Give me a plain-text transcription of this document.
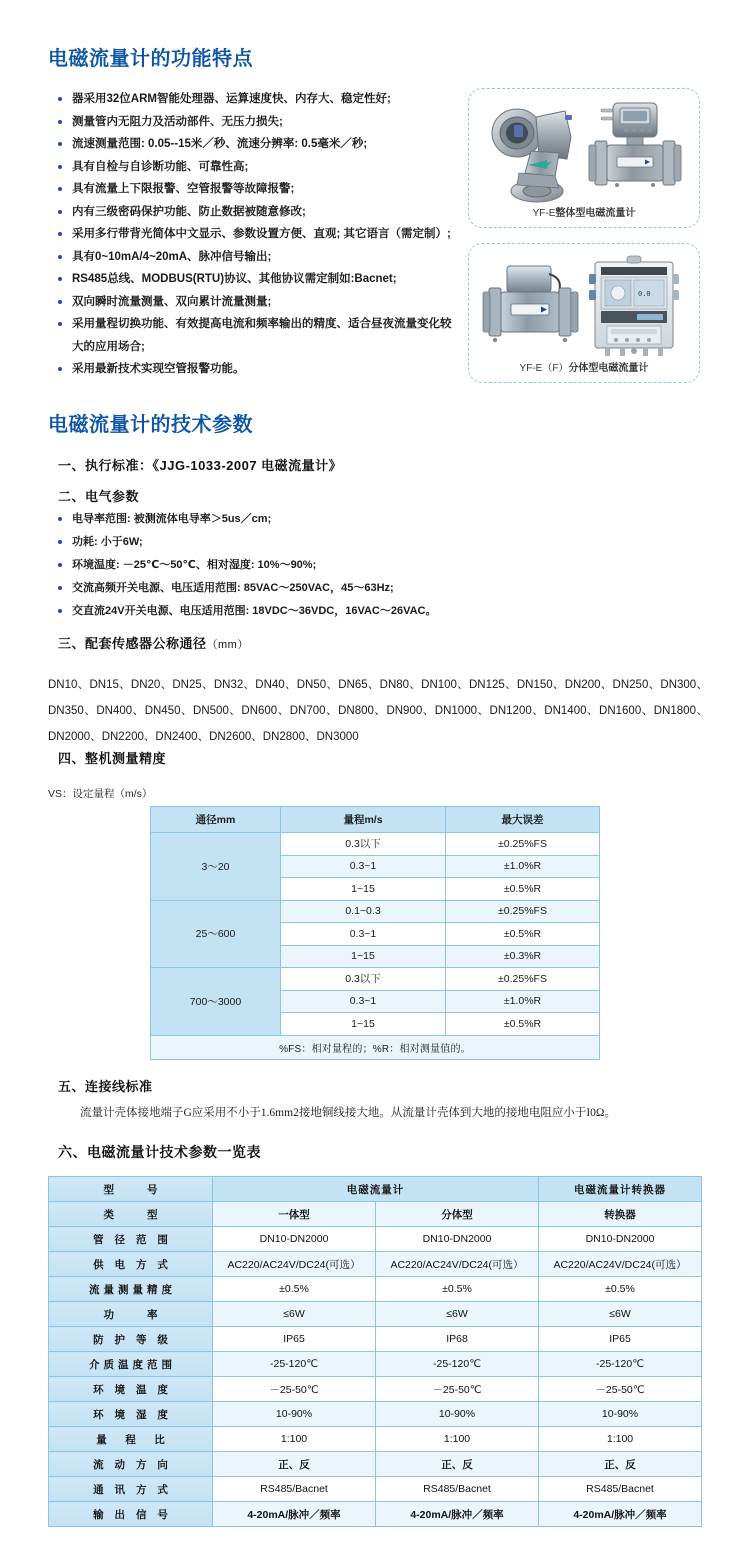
电磁流量计的功能特点
器采用32位ARM智能处理器、运算速度快、内存大、稳定性好;
测量管内无阻力及活动部件、无压力损失;
流速测量范围: 0.05--15米／秒、流速分辨率: 0.5毫米／秒;
具有自检与自诊断功能、可靠性高;
具有流量上下限报警、空管报警等故障报警;
内有三级密码保护功能、防止数据被随意修改;
采用多行带背光简体中文显示、参数设置方便、直观; 其它语言（需定制）;
具有0~10mA/4~20mA、脉冲信号输出;
RS485总线、MODBUS(RTU)协议、其他协议需定制如:Bacnet;
双向瞬时流量测量、双向累计流量测量;
采用量程切换功能、有效提高电流和频率输出的精度、适合昼夜流量变化较大的应用场合;
采用最新技术实现空管报警功能。
YF-E整体型电磁流量计
0.0
YF-E（F）分体型电磁流量计
电磁流量计的技术参数
一、执行标准：《JJG-1033-2007 电磁流量计》
二、电气参数
电导率范围: 被测流体电导率＞5us／cm;
功耗: 小于6W;
环境温度: －25℃～50℃、相对湿度: 10%～90%;
交流高频开关电源、电压适用范围: 85VAC～250VAC，45～63Hz;
交直流24V开关电源、电压适用范围: 18VDC～36VDC，16VAC～26VAC。
三、配套传感器公称通径（mm）
DN10、DN15、DN20、DN25、DN32、DN40、DN50、DN65、DN80、DN100、DN125、DN150、DN200、DN250、DN300、DN350、DN400、DN450、DN500、DN600、DN700、DN800、DN900、DN1000、DN1200、DN1400、DN1600、DN1800、DN2000、DN2200、DN2400、DN2600、DN2800、DN3000
四、整机测量精度
VS：设定量程（m/s）
通径mm	量程m/s	最大误差
3～20	0.3以下	±0.25%FS
	0.3~1	±1.0%R
	1~15	±0.5%R
25～600	0.1~0.3	±0.25%FS
	0.3~1	±0.5%R
	1~15	±0.3%R
700～3000	0.3以下	±0.25%FS
	0.3~1	±1.0%R
	1~15	±0.5%R
%FS：相对量程的；%R：相对测量值的。		
五、连接线标准
流量计壳体接地端子G应采用不小于1.6mm2接地铜线接大地。从流量计壳体到大地的接地电阻应小于I0Ω。
六、电磁流量计技术参数一览表
型　　号	电磁流量计		电磁流量计转换器
类　　型	一体型	分体型	转换器
管 径 范 围	DN10-DN2000	DN10-DN2000	DN10-DN2000
供 电 方 式	AC220/AC24V/DC24(可选）	AC220/AC24V/DC24(可选）	AC220/AC24V/DC24(可选）
流量测量精度	±0.5%	±0.5%	±0.5%
功　　率	≤6W	≤6W	≤6W
防 护 等 级	IP65	IP68	IP65
介质温度范围	-25-120℃	-25-120℃	-25-120℃
环 境 温 度	－25-50℃	－25-50℃	－25-50℃
环 境 湿 度	10-90%	10-90%	10-90%
量　程　比	1:100	1:100	1:100
流 动 方 向	正、反	正、反	正、反
通 讯 方 式	RS485/Bacnet	RS485/Bacnet	RS485/Bacnet
输 出 信 号	4-20mA/脉冲／频率	4-20mA/脉冲／频率	4-20mA/脉冲／频率
